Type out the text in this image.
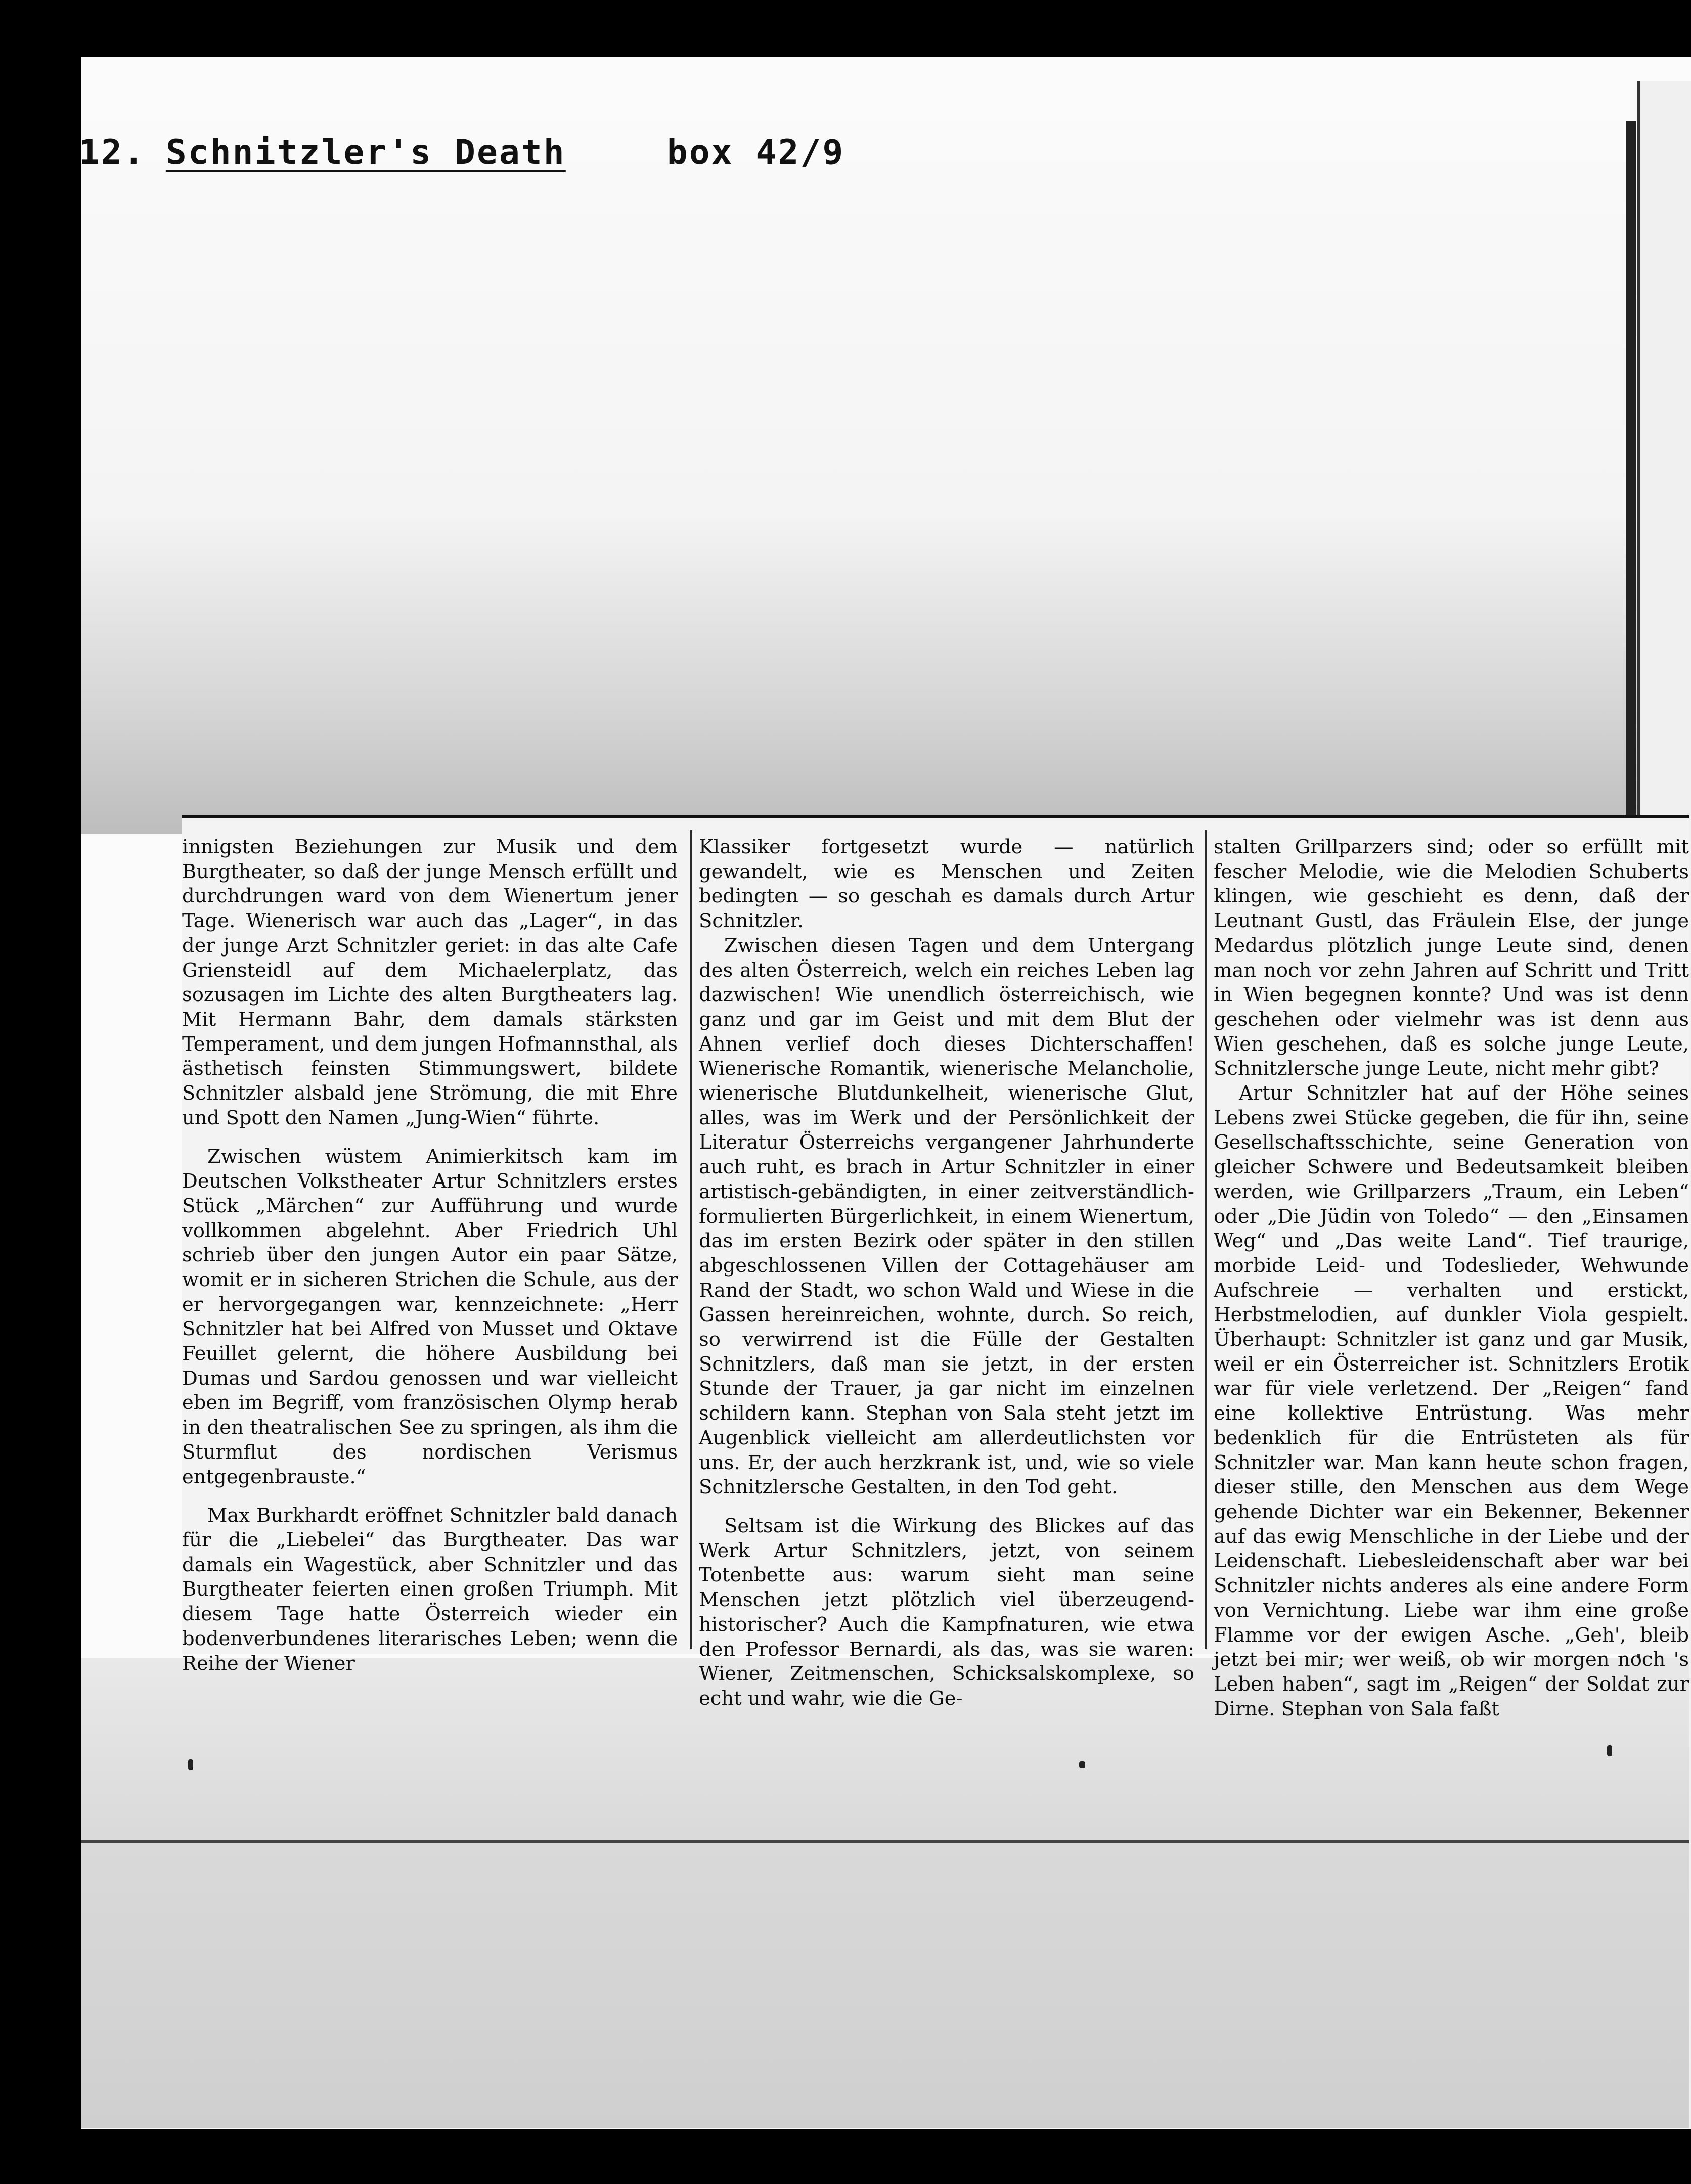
12. Schnitzler's Death	box 42/9

innigsten Beziehungen zur Musik und dem Burgtheater, so daß der junge Mensch erfüllt und durchdrungen ward von dem Wienertum jener Tage. Wienerisch war auch das „Lager“, in das der junge Arzt Schnitzler geriet: in das alte Cafe Griensteidl auf dem Michaelerplatz, das sozusagen im Lichte des alten Burgtheaters lag. Mit Hermann Bahr, dem damals stärksten Temperament, und dem jungen Hofmannsthal, als ästhetisch feinsten Stimmungswert, bildete Schnitzler alsbald jene Strömung, die mit Ehre und Spott den Namen „Jung-Wien“ führte.

Zwischen wüstem Animierkitsch kam im Deutschen Volkstheater Artur Schnitzlers erstes Stück „Märchen“ zur Aufführung und wurde vollkommen abgelehnt. Aber Friedrich Uhl schrieb über den jungen Autor ein paar Sätze, womit er in sicheren Strichen die Schule, aus der er hervorgegangen war, kennzeichnete: „Herr Schnitzler hat bei Alfred von Musset und Oktave Feuillet gelernt, die höhere Ausbildung bei Dumas und Sardou genossen und war vielleicht eben im Begriff, vom französischen Olymp herab in den theatralischen See zu springen, als ihm die Sturmflut des nordischen Verismus entgegenbrauste.“

Max Burkhardt eröffnet Schnitzler bald danach für die „Liebelei“ das Burgtheater. Das war damals ein Wagestück, aber Schnitzler und das Burgtheater feierten einen großen Triumph. Mit diesem Tage hatte Österreich wieder ein bodenverbundenes literarisches Leben; wenn die Reihe der Wiener

Klassiker fortgesetzt wurde — natürlich gewandelt, wie es Menschen und Zeiten bedingten — so geschah es damals durch Artur Schnitzler.

Zwischen diesen Tagen und dem Untergang des alten Österreich, welch ein reiches Leben lag dazwischen! Wie unendlich österreichisch, wie ganz und gar im Geist und mit dem Blut der Ahnen verlief doch dieses Dichterschaffen! Wienerische Romantik, wienerische Melancholie, wienerische Blutdunkelheit, wienerische Glut, alles, was im Werk und der Persönlichkeit der Literatur Österreichs vergangener Jahrhunderte auch ruht, es brach in Artur Schnitzler in einer artistisch-gebändigten, in einer zeitverständlich-formulierten Bürgerlichkeit, in einem Wienertum, das im ersten Bezirk oder später in den stillen abgeschlossenen Villen der Cottagehäuser am Rand der Stadt, wo schon Wald und Wiese in die Gassen hereinreichen, wohnte, durch. So reich, so verwirrend ist die Fülle der Gestalten Schnitzlers, daß man sie jetzt, in der ersten Stunde der Trauer, ja gar nicht im einzelnen schildern kann. Stephan von Sala steht jetzt im Augenblick vielleicht am allerdeutlichsten vor uns. Er, der auch herzkrank ist, und, wie so viele Schnitzlersche Gestalten, in den Tod geht.

Seltsam ist die Wirkung des Blickes auf das Werk Artur Schnitzlers, jetzt, von seinem Totenbette aus: warum sieht man seine Menschen jetzt plötzlich viel überzeugend-historischer? Auch die Kampfnaturen, wie etwa den Professor Bernardi, als das, was sie waren: Wiener, Zeitmenschen, Schicksalskomplexe, so echt und wahr, wie die Ge-

stalten Grillparzers sind; oder so erfüllt mit fescher Melodie, wie die Melodien Schuberts klingen, wie geschieht es denn, daß der Leutnant Gustl, das Fräulein Else, der junge Medardus plötzlich junge Leute sind, denen man noch vor zehn Jahren auf Schritt und Tritt in Wien begegnen konnte? Und was ist denn geschehen oder vielmehr was ist denn aus Wien geschehen, daß es solche junge Leute, Schnitzlersche junge Leute, nicht mehr gibt?

Artur Schnitzler hat auf der Höhe seines Lebens zwei Stücke gegeben, die für ihn, seine Gesellschaftsschichte, seine Generation von gleicher Schwere und Bedeutsamkeit bleiben werden, wie Grillparzers „Traum, ein Leben“ oder „Die Jüdin von Toledo“ — den „Einsamen Weg“ und „Das weite Land“. Tief traurige, morbide Leid- und Todeslieder, Wehwunde Aufschreie — verhalten und erstickt, Herbstmelodien, auf dunkler Viola gespielt. Überhaupt: Schnitzler ist ganz und gar Musik, weil er ein Österreicher ist. Schnitzlers Erotik war für viele verletzend. Der „Reigen“ fand eine kollektive Entrüstung. Was mehr bedenklich für die Entrüsteten als für Schnitzler war. Man kann heute schon fragen, dieser stille, den Menschen aus dem Wege gehende Dichter war ein Bekenner, Bekenner auf das ewig Menschliche in der Liebe und der Leidenschaft. Liebesleidenschaft aber war bei Schnitzler nichts anderes als eine andere Form von Vernichtung. Liebe war ihm eine große Flamme vor der ewigen Asche. „Geh', bleib jetzt bei mir; wer weiß, ob wir morgen noch 's Leben haben“, sagt im „Reigen“ der Soldat zur Dirne. Stephan von Sala faßt
